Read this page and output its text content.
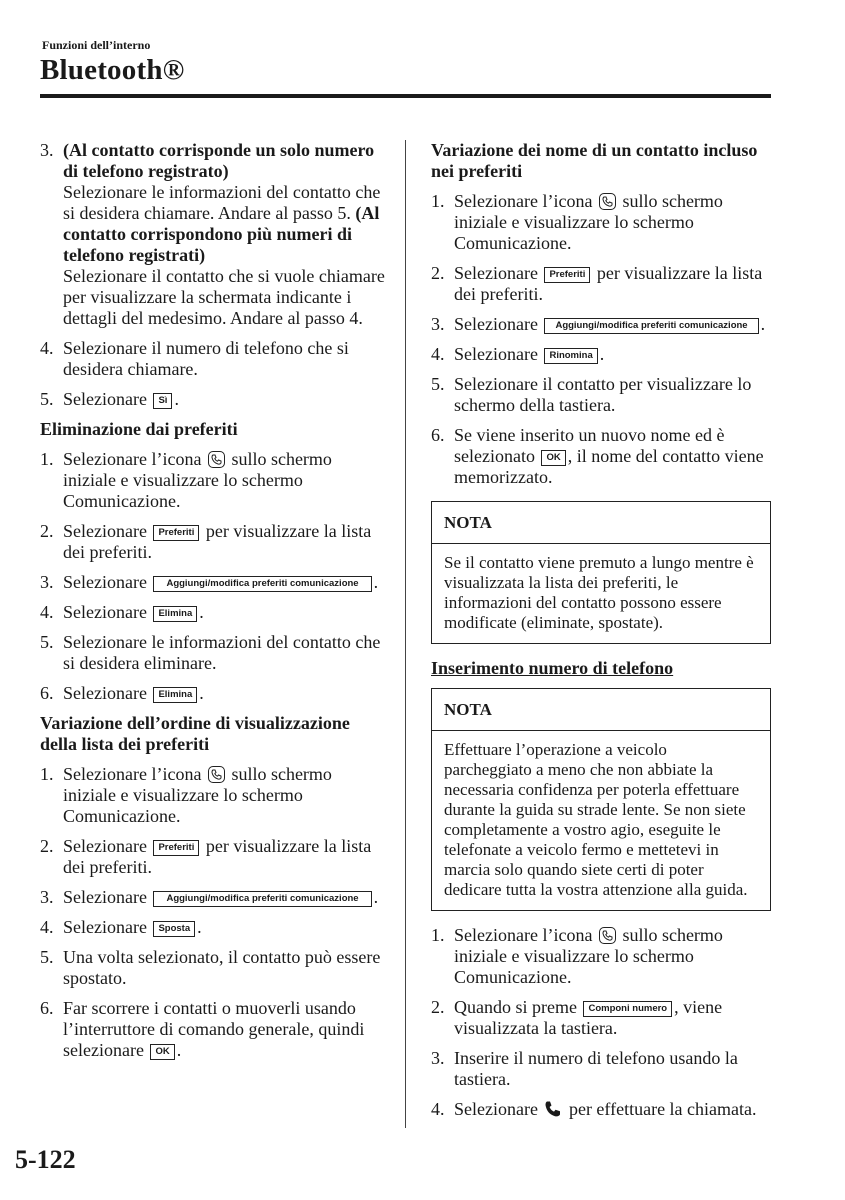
Funzioni dell’interno
Bluetooth®
3. (Al contatto corrisponde un solo numero di telefono registrato)
Selezionare le informazioni del contatto che si desidera chiamare. Andare al passo 5. (Al contatto corrispondono più numeri di telefono registrati)
Selezionare il contatto che si vuole chiamare per visualizzare la schermata indicante i dettagli del medesimo. Andare al passo 4.
4. Selezionare il numero di telefono che si desidera chiamare.
5. Selezionare Sì .
Eliminazione dai preferiti
1. Selezionare l’icona sullo schermo iniziale e visualizzare lo schermo Comunicazione.
2. Selezionare Preferiti per visualizzare la lista dei preferiti.
3. Selezionare Aggiungi/modifica preferiti comunicazione .
4. Selezionare Elimina .
5. Selezionare le informazioni del contatto che si desidera eliminare.
6. Selezionare Elimina .
Variazione dell’ordine di visualizzazione della lista dei preferiti
1. Selezionare l’icona sullo schermo iniziale e visualizzare lo schermo Comunicazione.
2. Selezionare Preferiti per visualizzare la lista dei preferiti.
3. Selezionare Aggiungi/modifica preferiti comunicazione .
4. Selezionare Sposta .
5. Una volta selezionato, il contatto può essere spostato.
6. Far scorrere i contatti o muoverli usando l’interruttore di comando generale, quindi selezionare OK .
Variazione dei nome di un contatto incluso nei preferiti
1. Selezionare l’icona sullo schermo iniziale e visualizzare lo schermo Comunicazione.
2. Selezionare Preferiti per visualizzare la lista dei preferiti.
3. Selezionare Aggiungi/modifica preferiti comunicazione .
4. Selezionare Rinomina .
5. Selezionare il contatto per visualizzare lo schermo della tastiera.
6. Se viene inserito un nuovo nome ed è selezionato OK , il nome del contatto viene memorizzato.
NOTA
Se il contatto viene premuto a lungo mentre è visualizzata la lista dei preferiti, le informazioni del contatto possono essere modificate (eliminate, spostate).
Inserimento numero di telefono
NOTA
Effettuare l’operazione a veicolo parcheggiato a meno che non abbiate la necessaria confidenza per poterla effettuare durante la guida su strade lente. Se non siete completamente a vostro agio, eseguite le telefonate a veicolo fermo e mettetevi in marcia solo quando siete certi di poter dedicare tutta la vostra attenzione alla guida.
1. Selezionare l’icona sullo schermo iniziale e visualizzare lo schermo Comunicazione.
2. Quando si preme Componi numero , viene visualizzata la tastiera.
3. Inserire il numero di telefono usando la tastiera.
4. Selezionare per effettuare la chiamata.
5-122
